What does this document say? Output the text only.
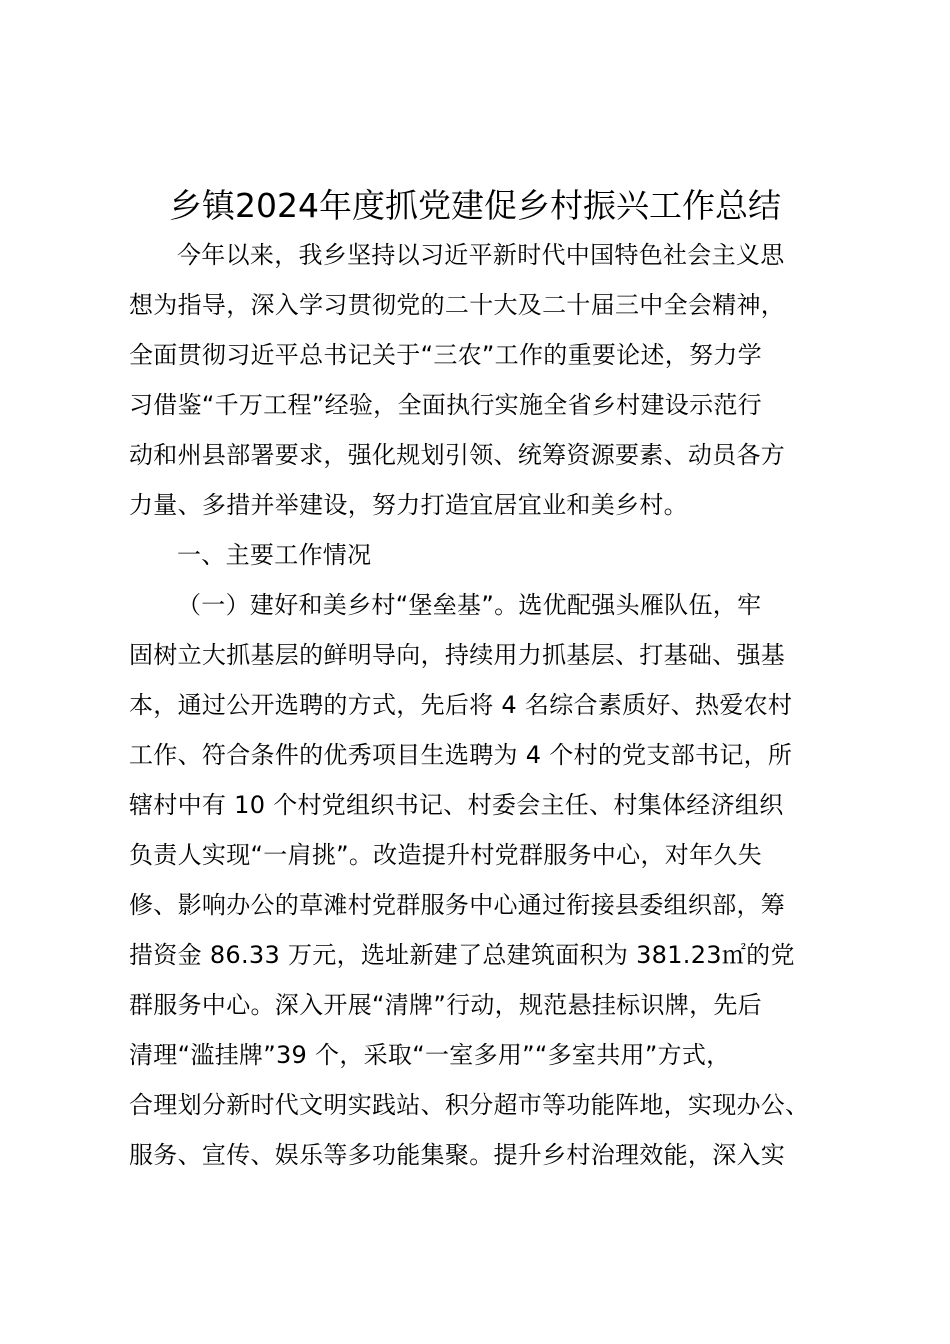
乡镇2024年度抓党建促乡村振兴工作总结
今年以来，我乡坚持以习近平新时代中国特色社会主义思
想为指导，深入学习贯彻党的二十大及二十届三中全会精神，
全面贯彻习近平总书记关于“三农”工作的重要论述，努力学
习借鉴“千万工程”经验，全面执行实施全省乡村建设示范行
动和州县部署要求，强化规划引领、统筹资源要素、动员各方
力量、多措并举建设，努力打造宜居宜业和美乡村。
一、主要工作情况
（一）建好和美乡村“堡垒基”。选优配强头雁队伍，牢
固树立大抓基层的鲜明导向，持续用力抓基层、打基础、强基
本，通过公开选聘的方式，先后将 4 名综合素质好、热爱农村
工作、符合条件的优秀项目生选聘为 4 个村的党支部书记，所
辖村中有 10 个村党组织书记、村委会主任、村集体经济组织
负责人实现“一肩挑”。改造提升村党群服务中心，对年久失
修、影响办公的草滩村党群服务中心通过衔接县委组织部，筹
措资金 86.33 万元，选址新建了总建筑面积为 381.23㎡的党
群服务中心。深入开展“清牌”行动，规范悬挂标识牌，先后
清理“滥挂牌”39 个，采取“一室多用”“多室共用”方式，
合理划分新时代文明实践站、积分超市等功能阵地，实现办公、
服务、宣传、娱乐等多功能集聚。提升乡村治理效能，深入实
